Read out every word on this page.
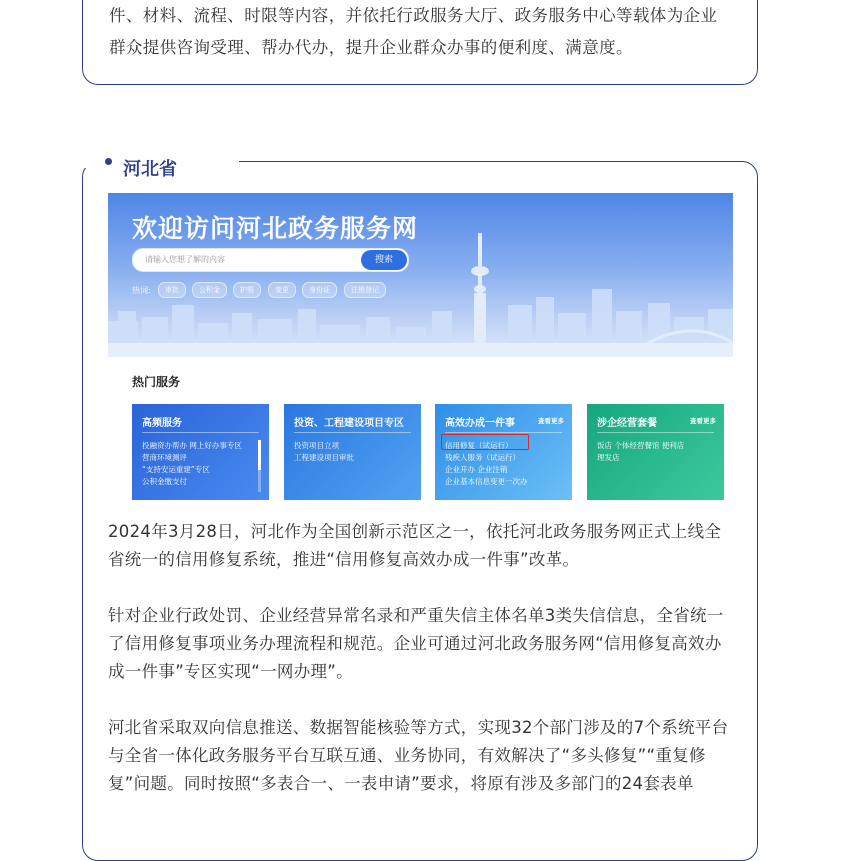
件、材料、流程、时限等内容，并依托行政服务大厅、政务服务中心等载体为企业群众提供咨询受理、帮办代办，提升企业群众办事的便利度、满意度。

河北省
欢迎访问河北政务服务网
请输入您想了解的内容	搜索
热词:	审批	公积金	护照	变更	身份证	注销登记
热门服务
高频服务
投融资办帮办 网上好办事专区
营商环境测评
“支持安运重建”专区
公积金缴支付
投资、工程建设项目专区
投资项目立项
工程建设项目审批
高效办成一件事	查看更多
信用修复（试运行）
残疾人服务（试运行）
企业开办 企业注销
企业基本信息变更一次办
涉企经营套餐	查看更多
饭店 个体经营餐馆 便利店
理发店

2024年3月28日，河北作为全国创新示范区之一，依托河北政务服务网正式上线全省统一的信用修复系统，推进“信用修复高效办成一件事”改革。

针对企业行政处罚、企业经营异常名录和严重失信主体名单3类失信信息，全省统一了信用修复事项业务办理流程和规范。企业可通过河北政务服务网“信用修复高效办成一件事”专区实现“一网办理”。

河北省采取双向信息推送、数据智能核验等方式，实现32个部门涉及的7个系统平台与全省一体化政务服务平台互联互通、业务协同，有效解决了“多头修复”“重复修复”问题。同时按照“多表合一、一表申请”要求，将原有涉及多部门的24套表单
